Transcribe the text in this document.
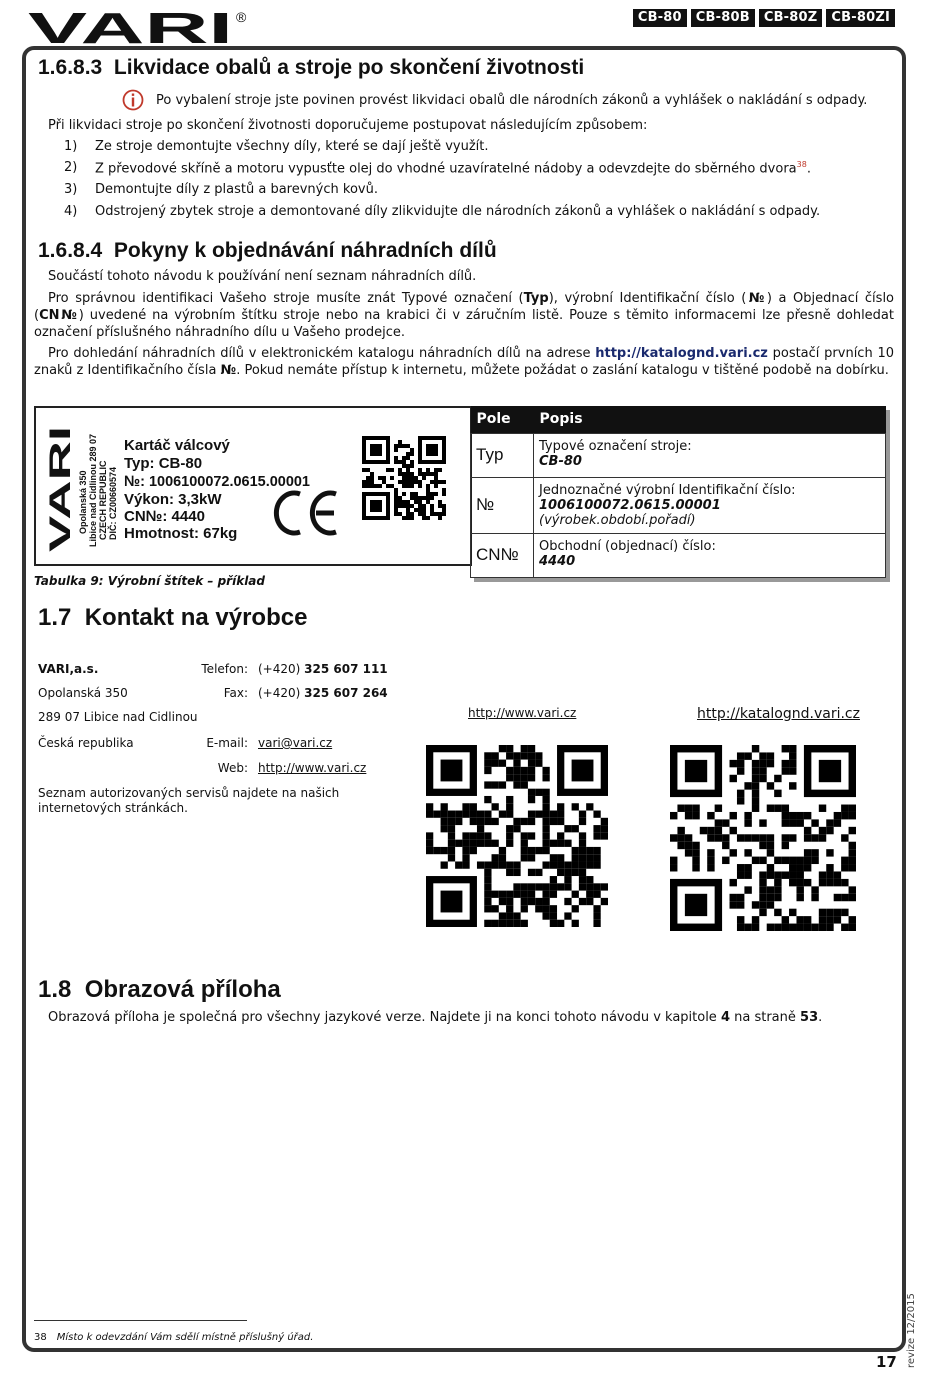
VARI ®	CB-80	CB-80B	CB-80Z	CB-80ZI
1.6.8.3 Likvidace obalů a stroje po skončení životnosti
Po vybalení stroje jste povinen provést likvidaci obalů dle národních zákonů a vyhlášek o nakládání s odpady.
Při likvidaci stroje po skončení životnosti doporučujeme postupovat následujícím způsobem:
1)	Ze stroje demontujte všechny díly, které se dají ještě využít.
2)	Z převodové skříně a motoru vypusťte olej do vhodné uzavíratelné nádoby a odevzdejte do sběrného dvora$^{38}$.
3)	Demontujte díly z plastů a barevných kovů.
4)	Odstrojený zbytek stroje a demontované díly zlikvidujte dle národních zákonů a vyhlášek o nakládání s odpady.
1.6.8.4 Pokyny k objednávání náhradních dílů
Součástí tohoto návodu k používání není seznam náhradních dílů.
Pro správnou identifikaci Vašeho stroje musíte znát Typové označení (Typ), výrobní Identifikační číslo (№) a Objednací číslo (CN№) uvedené na výrobním štítku stroje nebo na krabici či v záručním listě. Pouze s těmito informacemi lze přesně dohledat označení příslušného náhradního dílu u Vašeho prodejce.
Pro dohledání náhradních dílů v elektronickém katalogu náhradních dílů na adrese http://katalognd.vari.cz postačí prvních 10 znaků z Identifikačního čísla №. Pokud nemáte přístup k internetu, můžete požádat o zaslání katalogu v tištěné podobě na dobírku.
VARI Opolanská 350 Libice nad Cidlinou 289 07 CZECH REPUBLIC DIČ: CZ00660574
Kartáč válcový
Typ: CB-80
№: 1006100072.0615.00001
Výkon: 3,3kW
CN№: 4440
Hmotnost: 67kg
Pole	Popis
Typ	Typové označení stroje:
CB-80

№	Jednoznačné výrobní Identifikační číslo:
1006100072.0615.00001 (výrobek.období.pořadí)

CN№	Obchodní (objednací) číslo:
4440
Tabulka 9: Výrobní štítek – příklad
1.7 Kontakt na výrobce
VARI,a.s.
Opolanská 350
289 07 Libice nad Cidlinou
Česká republika
Telefon: (+420) 325 607 111
Fax: (+420) 325 607 264
E-mail: vari@vari.cz
Web: http://www.vari.cz
Seznam autorizovaných servisů najdete na našich internetových stránkách.
http://www.vari.cz	http://katalognd.vari.cz
1.8 Obrazová příloha
Obrazová příloha je společná pro všechny jazykové verze. Najdete ji na konci tohoto návodu v kapitole 4 na straně 53.
38 Místo k odevzdání Vám sdělí místně příslušný úřad.
17 revize 12/2015
